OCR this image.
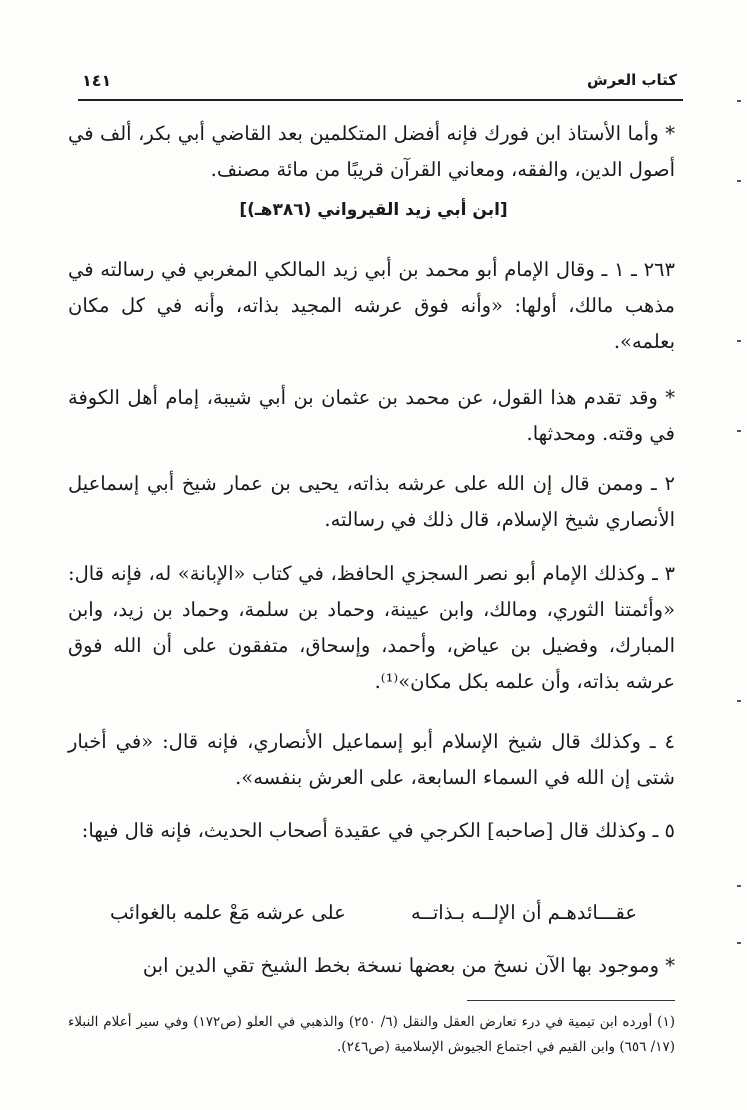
كتاب العرش
١٤١
* وأما الأستاذ ابن فورك فإنه أفضل المتكلمين بعد القاضي أبي بكر، ألف في أصول الدين، والفقه، ومعاني القرآن قريبًا من مائة مصنف.
[ابن أبي زيد القيرواني (٣٨٦هـ)]
٢٦٣ ـ ١ ـ وقال الإمام أبو محمد بن أبي زيد المالكي المغربي في رسالته في مذهب مالك، أولها: «وأنه فوق عرشه المجيد بذاته، وأنه في كل مكان بعلمه».
* وقد تقدم هذا القول، عن محمد بن عثمان بن أبي شيبة، إمام أهل الكوفة في وقته. ومحدثها.
٢ ـ وممن قال إن الله على عرشه بذاته، يحيى بن عمار شيخ أبي إسماعيل الأنصاري شيخ الإسلام، قال ذلك في رسالته.
٣ ـ وكذلك الإمام أبو نصر السجزي الحافظ، في كتاب «الإبانة» له، فإنه قال: «وأئمتنا الثوري، ومالك، وابن عيينة، وحماد بن سلمة، وحماد بن زيد، وابن المبارك، وفضيل بن عياض، وأحمد، وإسحاق، متفقون على أن الله فوق عرشه بذاته، وأن علمه بكل مكان»⁽¹⁾.
٤ ـ وكذلك قال شيخ الإسلام أبو إسماعيل الأنصاري، فإنه قال: «في أخبار شتى إن الله في السماء السابعة، على العرش بنفسه».
٥ ـ وكذلك قال [صاحبه] الكرجي في عقيدة أصحاب الحديث، فإنه قال فيها:
عقـــائدهـم أن الإلــه بـذاتــه
على عرشه مَعْ علمه بالغوائب
* وموجود بها الآن نسخ من بعضها نسخة بخط الشيخ تقي الدين ابن
(١) أورده ابن تيمية في درء تعارض العقل والنقل (٦/ ٢٥٠) والذهبي في العلو (ص١٧٢) وفي سير أعلام النبلاء (١٧/ ٦٥٦) وابن القيم في اجتماع الجيوش الإسلامية (ص٢٤٦).
